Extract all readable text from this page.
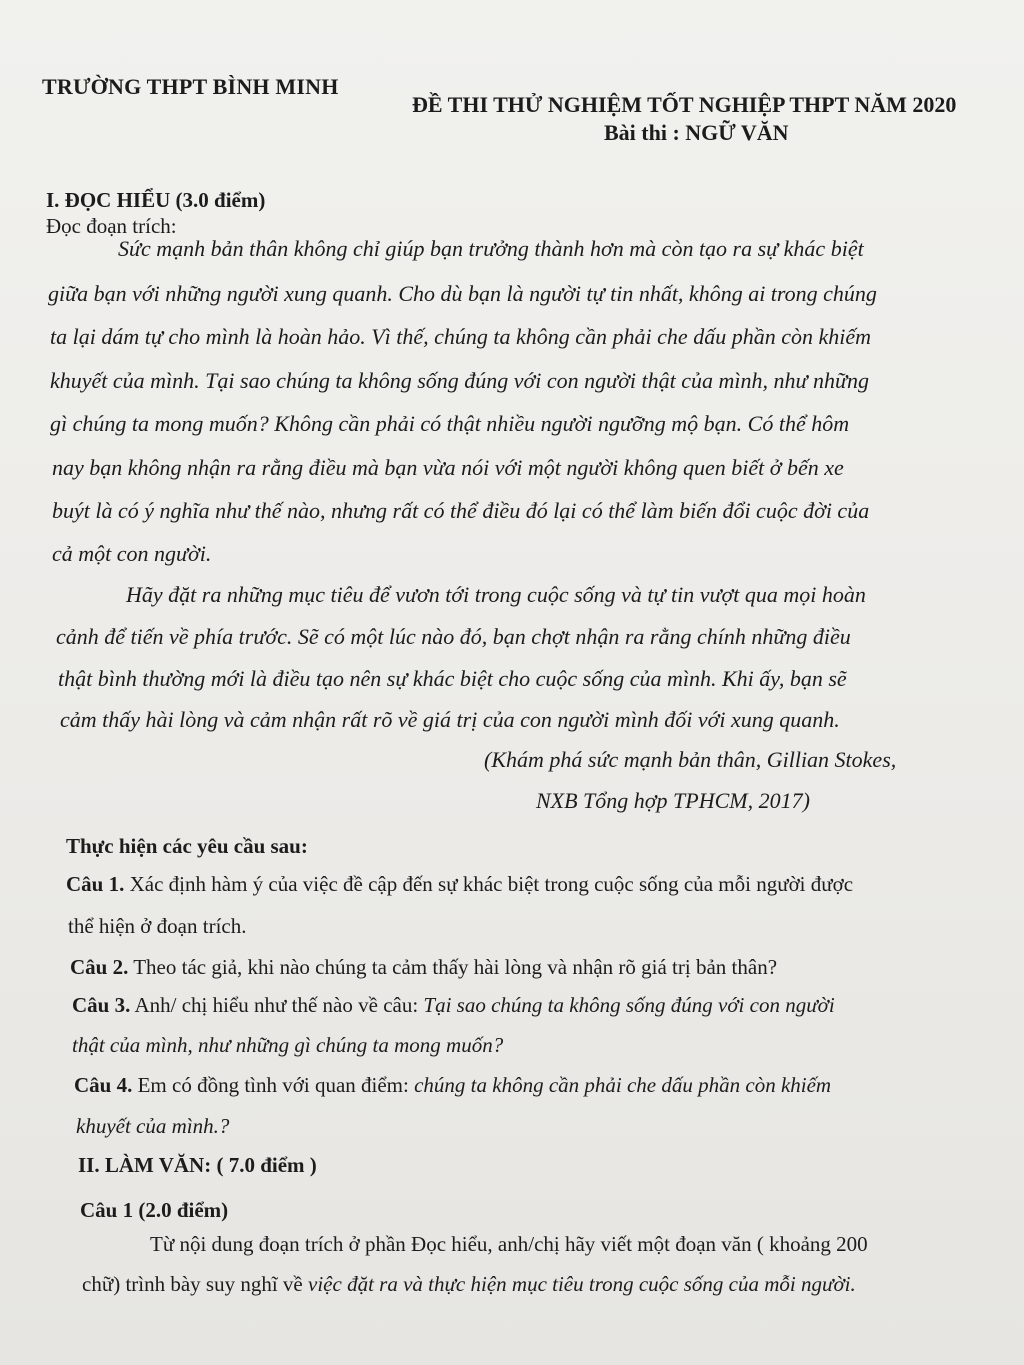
TRƯỜNG THPT BÌNH MINH
ĐỀ THI THỬ NGHIỆM TỐT NGHIỆP THPT NĂM 2020
Bài thi : NGỮ VĂN
I. ĐỌC HIỂU (3.0 điểm)
Đọc đoạn trích:
Sức mạnh bản thân không chỉ giúp bạn trưởng thành hơn mà còn tạo ra sự khác biệt
giữa bạn với những người xung quanh. Cho dù bạn là người tự tin nhất, không ai trong chúng
ta lại dám tự cho mình là hoàn hảo. Vì thế, chúng ta không cần phải che dấu phần còn khiếm
khuyết của mình. Tại sao chúng ta không sống đúng với con người thật của mình, như những
gì chúng ta mong muốn? Không cần phải có thật nhiều người ngưỡng mộ bạn. Có thể hôm
nay bạn không nhận ra rằng điều mà bạn vừa nói với một người không quen biết ở bến xe
buýt là có ý nghĩa như thế nào, nhưng rất có thể điều đó lại có thể làm biến đổi cuộc đời của
cả một con người.
Hãy đặt ra những mục tiêu để vươn tới trong cuộc sống và tự tin vượt qua mọi hoàn
cảnh để tiến về phía trước. Sẽ có một lúc nào đó, bạn chợt nhận ra rằng chính những điều
thật bình thường mới là điều tạo nên sự khác biệt cho cuộc sống của mình. Khi ấy, bạn sẽ
cảm thấy hài lòng và cảm nhận rất rõ về giá trị của con người mình đối với xung quanh.
(Khám phá sức mạnh bản thân, Gillian Stokes,
NXB Tổng hợp TPHCM, 2017)
Thực hiện các yêu cầu sau:
Câu 1. Xác định hàm ý của việc đề cập đến sự khác biệt trong cuộc sống của mỗi người được
thể hiện ở đoạn trích.
Câu 2. Theo tác giả, khi nào chúng ta cảm thấy hài lòng và nhận rõ giá trị bản thân?
Câu 3. Anh/ chị hiểu như thế nào về câu: Tại sao chúng ta không sống đúng với con người
thật của mình, như những gì chúng ta mong muốn?
Câu 4. Em có đồng tình với quan điểm: chúng ta không cần phải che dấu phần còn khiếm
khuyết của mình.?
II. LÀM VĂN: ( 7.0 điểm )
Câu 1 (2.0 điểm)
Từ nội dung đoạn trích ở phần Đọc hiểu, anh/chị hãy viết một đoạn văn ( khoảng 200
chữ) trình bày suy nghĩ về việc đặt ra và thực hiện mục tiêu trong cuộc sống của mỗi người.
